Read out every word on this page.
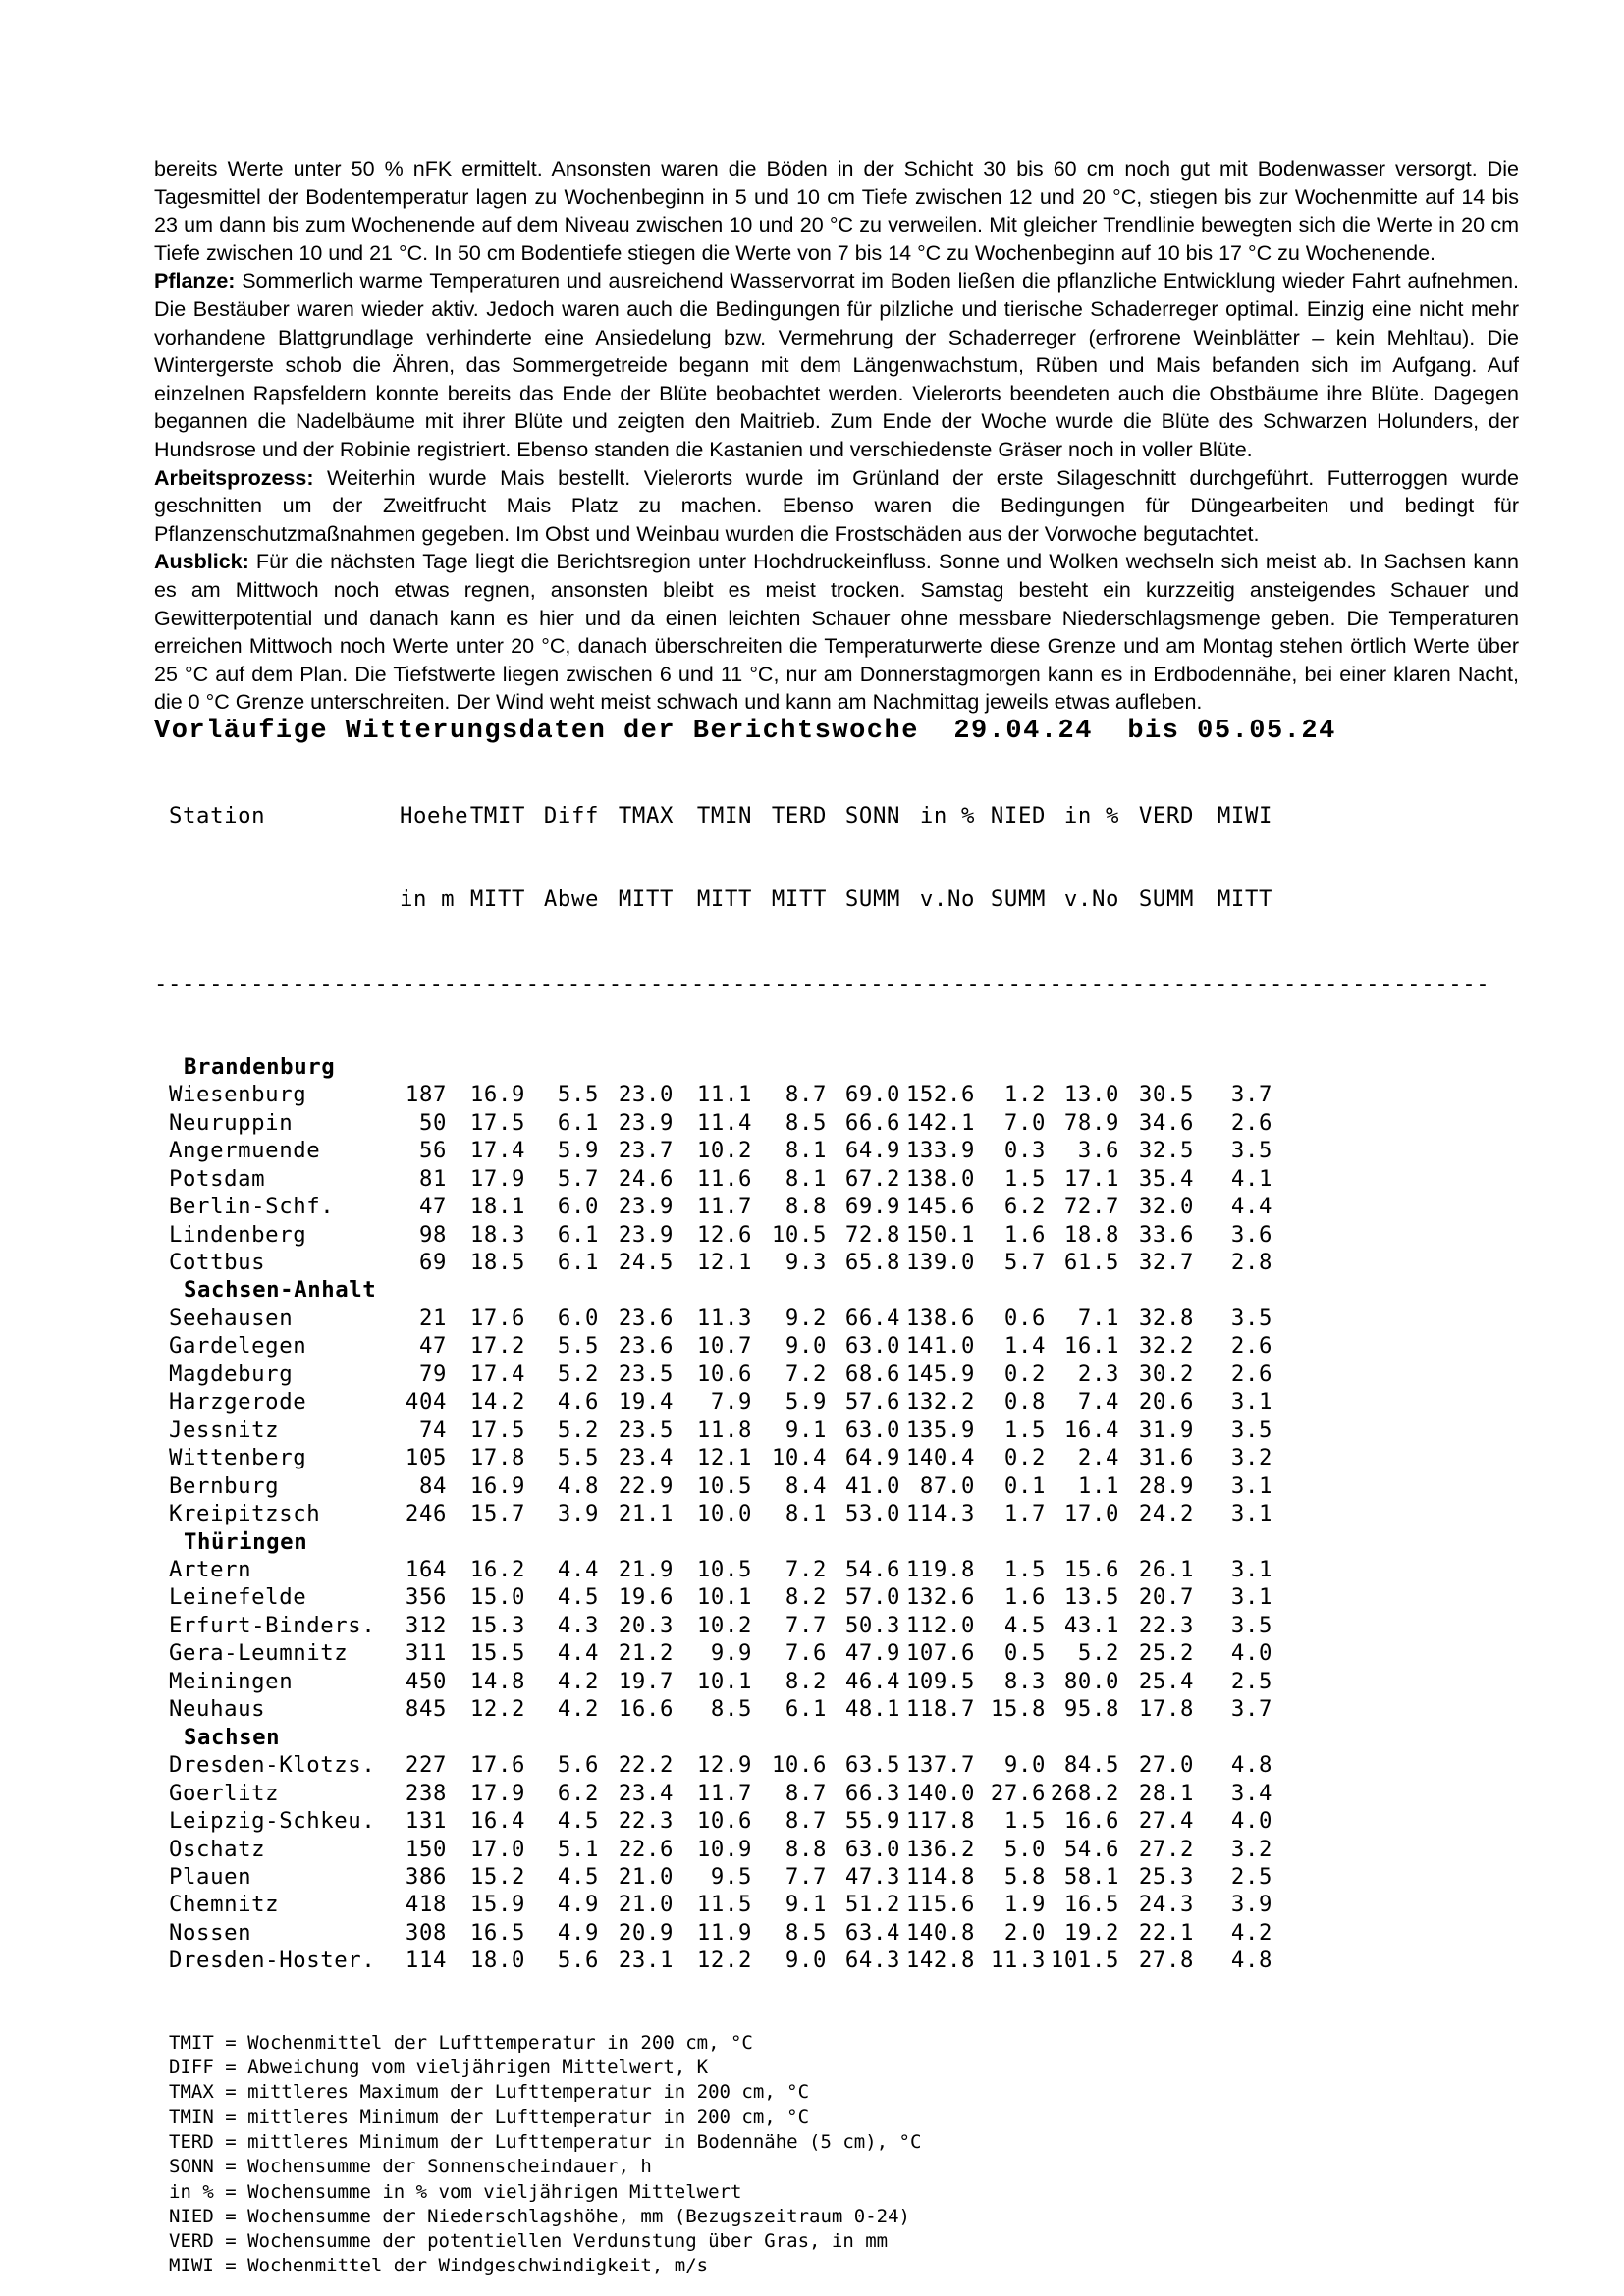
bereits Werte unter 50 % nFK ermittelt. Ansonsten waren die Böden in der Schicht 30 bis 60 cm noch gut mit Bodenwasser versorgt. Die Tagesmittel der Bodentemperatur lagen zu Wochenbeginn in 5 und 10 cm Tiefe zwischen 12 und 20 °C, stiegen bis zur Wochenmitte auf 14 bis 23 um dann bis zum Wochenende auf dem Niveau zwischen 10 und 20 °C zu verweilen. Mit gleicher Trendlinie bewegten sich die Werte in 20 cm Tiefe zwischen 10 und 21 °C. In 50 cm Bodentiefe stiegen die Werte von 7 bis 14 °C zu Wochenbeginn auf 10 bis 17 °C zu Wochenende.

Pflanze: Sommerlich warme Temperaturen und ausreichend Wasservorrat im Boden ließen die pflanzliche Entwicklung wieder Fahrt aufnehmen. Die Bestäuber waren wieder aktiv. Jedoch waren auch die Bedingungen für pilzliche und tierische Schaderreger optimal. Einzig eine nicht mehr vorhandene Blattgrundlage verhinderte eine Ansiedelung bzw. Vermehrung der Schaderreger (erfrorene Weinblätter – kein Mehltau). Die Wintergerste schob die Ähren, das Sommergetreide begann mit dem Längenwachstum, Rüben und Mais befanden sich im Aufgang. Auf einzelnen Rapsfeldern konnte bereits das Ende der Blüte beobachtet werden. Vielerorts beendeten auch die Obstbäume ihre Blüte. Dagegen begannen die Nadelbäume mit ihrer Blüte und zeigten den Maitrieb. Zum Ende der Woche wurde die Blüte des Schwarzen Holunders, der Hundsrose und der Robinie registriert. Ebenso standen die Kastanien und verschiedenste Gräser noch in voller Blüte.

Arbeitsprozess: Weiterhin wurde Mais bestellt. Vielerorts wurde im Grünland der erste Silageschnitt durchgeführt. Futterroggen wurde geschnitten um der Zweitfrucht Mais Platz zu machen. Ebenso waren die Bedingungen für Düngearbeiten und bedingt für Pflanzenschutzmaßnahmen gegeben. Im Obst und Weinbau wurden die Frostschäden aus der Vorwoche begutachtet.

Ausblick: Für die nächsten Tage liegt die Berichtsregion unter Hochdruckeinfluss. Sonne und Wolken wechseln sich meist ab. In Sachsen kann es am Mittwoch noch etwas regnen, ansonsten bleibt es meist trocken. Samstag besteht ein kurzzeitig ansteigendes Schauer und Gewitterpotential und danach kann es hier und da einen leichten Schauer ohne messbare Niederschlagsmenge geben. Die Temperaturen erreichen Mittwoch noch Werte unter 20 °C, danach überschreiten die Temperaturwerte diese Grenze und am Montag stehen örtlich Werte über 25 °C auf dem Plan. Die Tiefstwerte liegen zwischen 6 und 11 °C, nur am Donnerstagmorgen kann es in Erdbodennähe, bei einer klaren Nacht, die 0 °C Grenze unterschreiten. Der Wind weht meist schwach und kann am Nachmittag jeweils etwas aufleben.

Vorläufige Witterungsdaten der Berichtswoche  29.04.24  bis 05.05.24

Station	Hoehe TMIT Diff TMAX	TMIN TERD SONN in % NIED in % VERD	MIWI

in m MITT Abwe MITT	MITT MITT SUMM v.No SUMM v.No SUMM	MITT

-------------------------------------------------------------------------------------------------

Brandenburg
Wiesenburg	187	16.9	5.5 23.0	11.1	8.7 69.0 152.6	1.2 13.0 30.5	3.7
Neuruppin	50	17.5	6.1 23.9	11.4	8.5 66.6 142.1	7.0 78.9 34.6	2.6
Angermuende	56	17.4	5.9 23.7	10.2	8.1 64.9 133.9	0.3	3.6 32.5	3.5
Potsdam	81	17.9	5.7 24.6	11.6	8.1 67.2 138.0	1.5 17.1 35.4	4.1
Berlin-Schf.	47	18.1	6.0 23.9	11.7	8.8 69.9 145.6	6.2 72.7 32.0	4.4
Lindenberg	98	18.3	6.1 23.9	12.6 10.5 72.8 150.1	1.6 18.8 33.6	3.6
Cottbus	69	18.5	6.1 24.5	12.1	9.3 65.8 139.0	5.7 61.5 32.7	2.8
Sachsen-Anhalt
Seehausen	21	17.6	6.0 23.6	11.3	9.2 66.4 138.6	0.6	7.1 32.8	3.5
Gardelegen	47	17.2	5.5 23.6	10.7	9.0 63.0 141.0	1.4 16.1 32.2	2.6
Magdeburg	79	17.4	5.2 23.5	10.6	7.2 68.6 145.9	0.2	2.3 30.2	2.6
Harzgerode	404	14.2	4.6 19.4	7.9	5.9 57.6 132.2	0.8	7.4 20.6	3.1
Jessnitz	74	17.5	5.2 23.5	11.8	9.1 63.0 135.9	1.5 16.4 31.9	3.5
Wittenberg	105	17.8	5.5 23.4	12.1 10.4 64.9 140.4	0.2	2.4 31.6	3.2
Bernburg	84	16.9	4.8 22.9	10.5	8.4 41.0 87.0	0.1	1.1 28.9	3.1
Kreipitzsch	246	15.7	3.9 21.1	10.0	8.1 53.0 114.3	1.7 17.0 24.2	3.1
Thüringen
Artern	164	16.2	4.4 21.9	10.5	7.2 54.6 119.8	1.5 15.6 26.1	3.1
Leinefelde	356	15.0	4.5 19.6	10.1	8.2 57.0 132.6	1.6 13.5 20.7	3.1
Erfurt-Binders.	312	15.3	4.3 20.3	10.2	7.7 50.3 112.0	4.5 43.1 22.3	3.5
Gera-Leumnitz	311	15.5	4.4 21.2	9.9	7.6 47.9 107.6	0.5	5.2 25.2	4.0
Meiningen	450	14.8	4.2 19.7	10.1	8.2 46.4 109.5	8.3 80.0 25.4	2.5
Neuhaus	845	12.2	4.2 16.6	8.5	6.1 48.1 118.7 15.8 95.8 17.8	3.7
Sachsen
Dresden-Klotzs.	227	17.6	5.6 22.2	12.9 10.6 63.5 137.7	9.0 84.5 27.0	4.8
Goerlitz	238	17.9	6.2 23.4	11.7	8.7 66.3 140.0 27.6 268.2 28.1	3.4
Leipzig-Schkeu.	131	16.4	4.5 22.3	10.6	8.7 55.9 117.8	1.5 16.6 27.4	4.0
Oschatz	150	17.0	5.1 22.6	10.9	8.8 63.0 136.2	5.0 54.6 27.2	3.2
Plauen	386	15.2	4.5 21.0	9.5	7.7 47.3 114.8	5.8 58.1 25.3	2.5
Chemnitz	418	15.9	4.9 21.0	11.5	9.1 51.2 115.6	1.9 16.5 24.3	3.9
Nossen	308	16.5	4.9 20.9	11.9	8.5 63.4 140.8	2.0 19.2 22.1	4.2
Dresden-Hoster.	114	18.0	5.6 23.1	12.2	9.0 64.3 142.8 11.3 101.5 27.8	4.8

TMIT = Wochenmittel der Lufttemperatur in 200 cm, °C
DIFF = Abweichung vom vieljährigen Mittelwert, K
TMAX = mittleres Maximum der Lufttemperatur in 200 cm, °C
TMIN = mittleres Minimum der Lufttemperatur in 200 cm, °C
TERD = mittleres Minimum der Lufttemperatur in Bodennähe (5 cm), °C
SONN = Wochensumme der Sonnenscheindauer, h
in % = Wochensumme in % vom vieljährigen Mittelwert
NIED = Wochensumme der Niederschlagshöhe, mm (Bezugszeitraum 0-24)
VERD = Wochensumme der potentiellen Verdunstung über Gras, in mm
MIWI = Wochenmittel der Windgeschwindigkeit, m/s
